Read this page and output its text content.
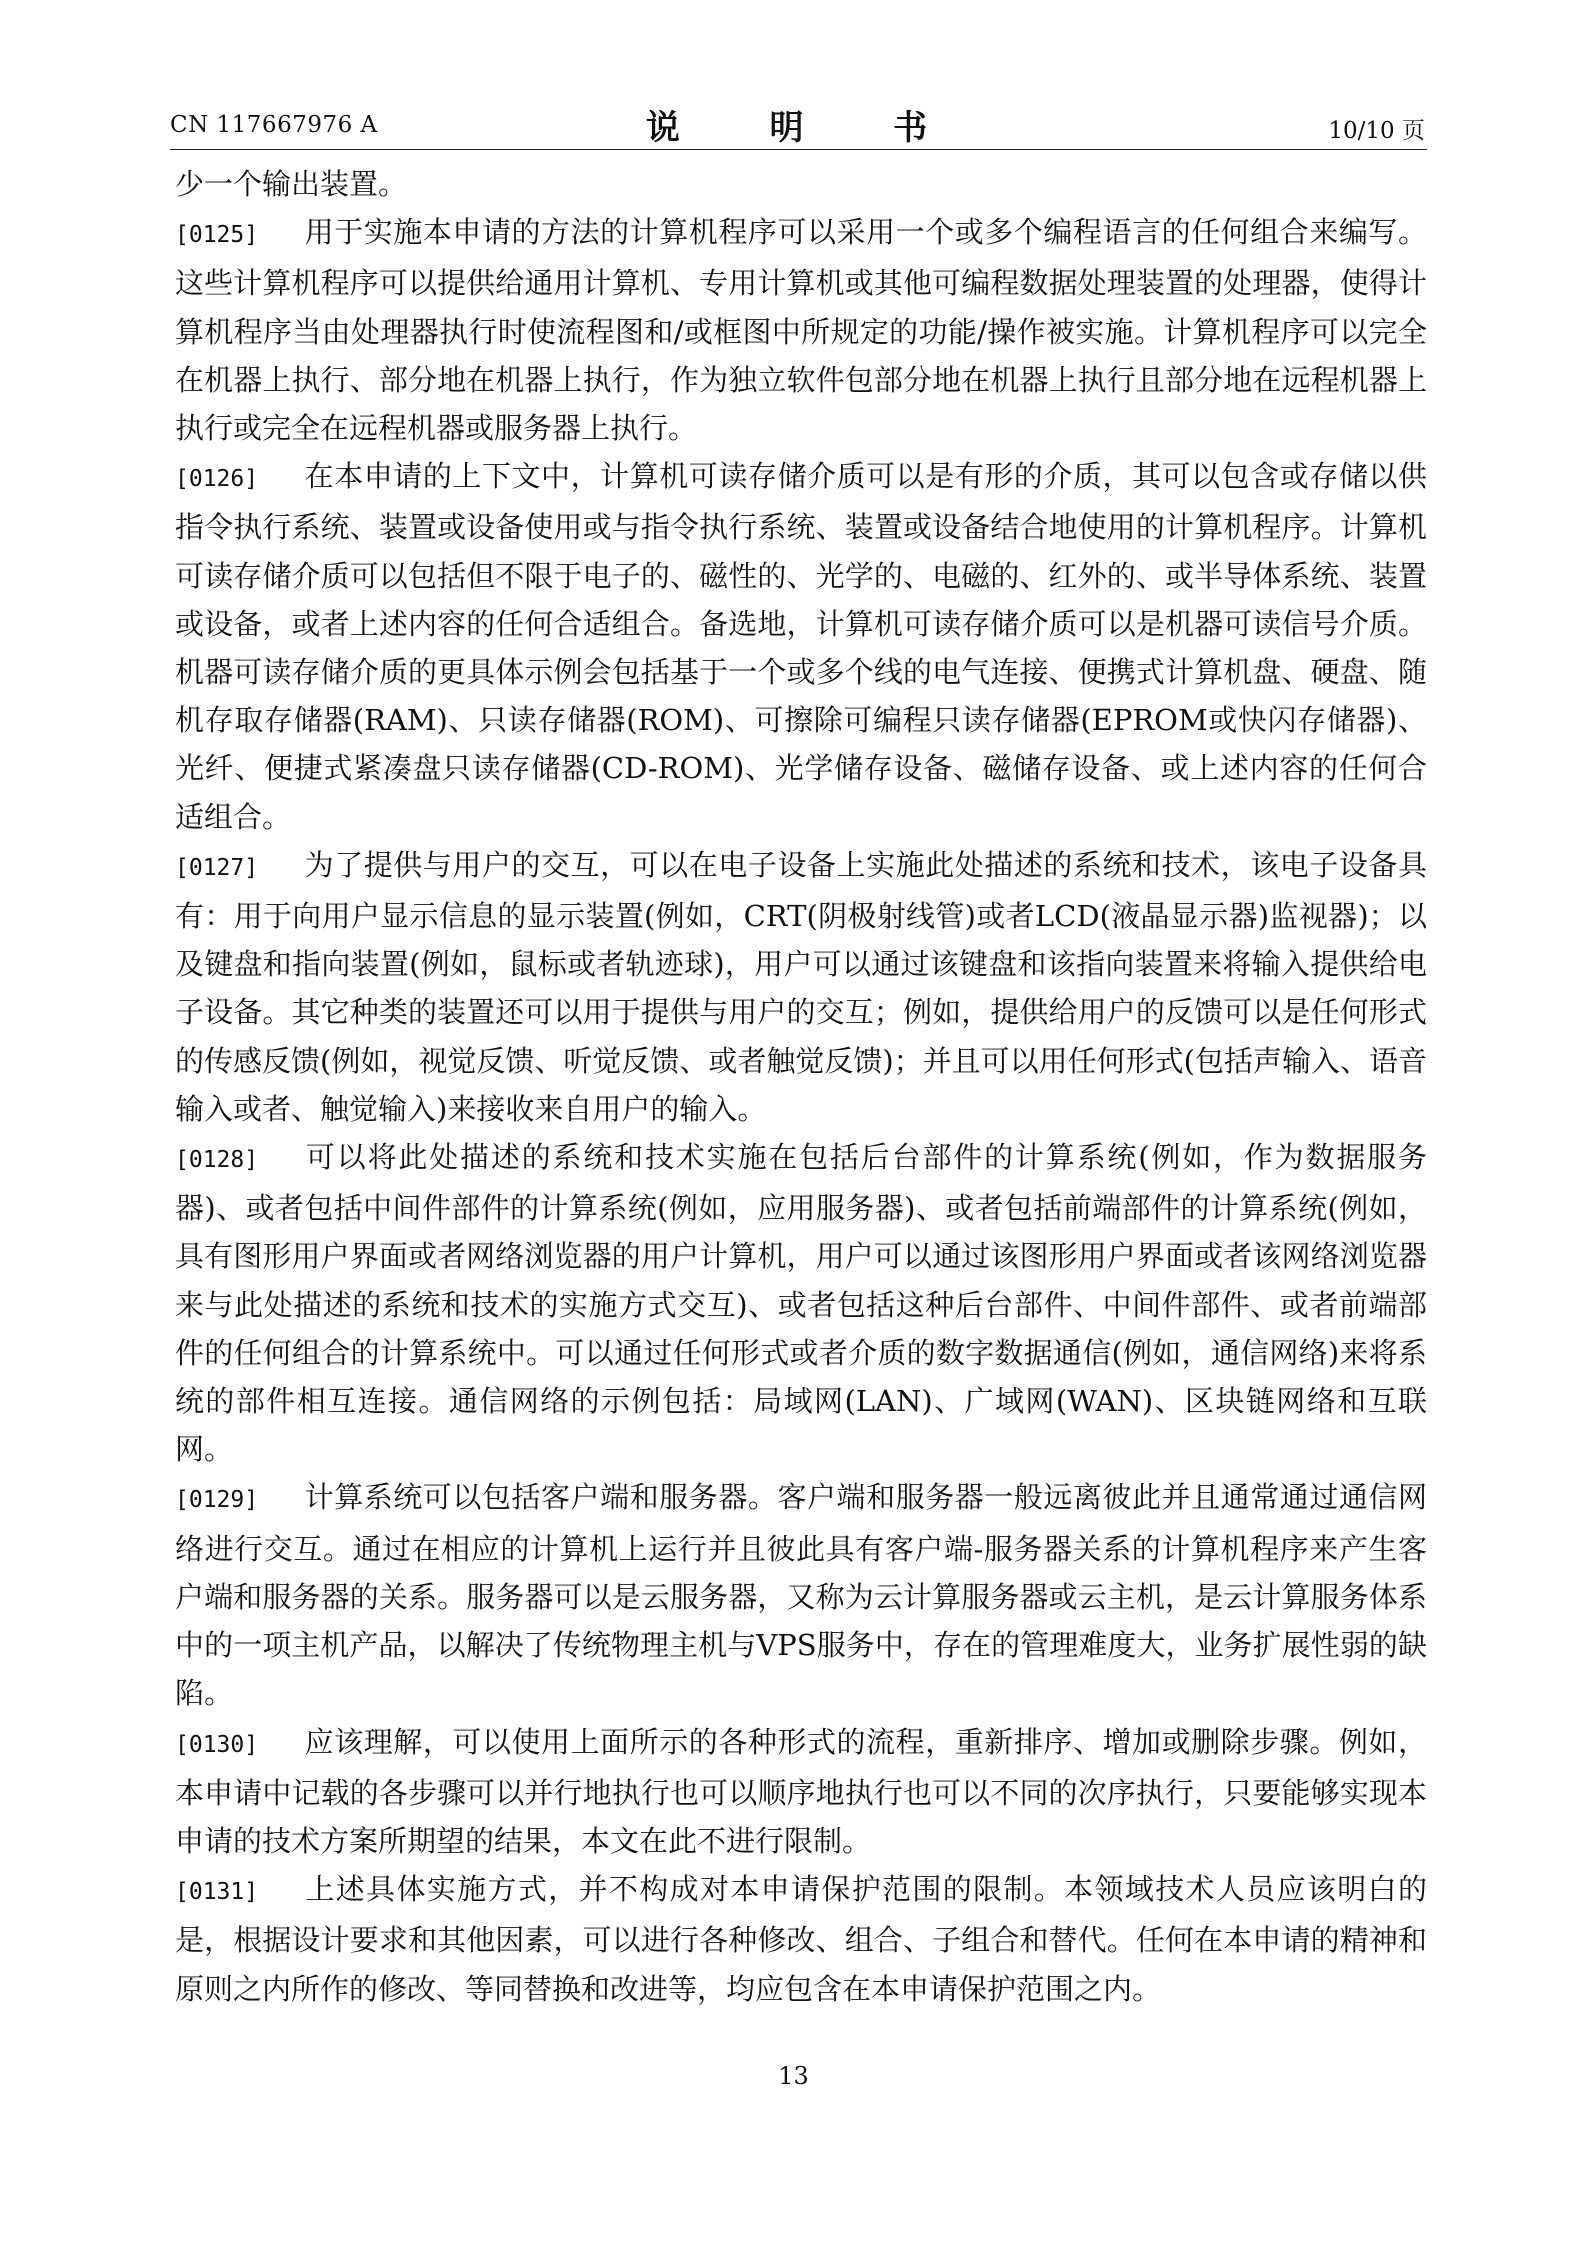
CN 117667976 A	说  明  书	10/10 页

少一个输出装置。

[0125] 用于实施本申请的方法的计算机程序可以采用一个或多个编程语言的任何组合来编写。这些计算机程序可以提供给通用计算机、专用计算机或其他可编程数据处理装置的处理器，使得计算机程序当由处理器执行时使流程图和/或框图中所规定的功能/操作被实施。计算机程序可以完全在机器上执行、部分地在机器上执行，作为独立软件包部分地在机器上执行且部分地在远程机器上执行或完全在远程机器或服务器上执行。

[0126] 在本申请的上下文中，计算机可读存储介质可以是有形的介质，其可以包含或存储以供指令执行系统、装置或设备使用或与指令执行系统、装置或设备结合地使用的计算机程序。计算机可读存储介质可以包括但不限于电子的、磁性的、光学的、电磁的、红外的、或半导体系统、装置或设备，或者上述内容的任何合适组合。备选地，计算机可读存储介质可以是机器可读信号介质。机器可读存储介质的更具体示例会包括基于一个或多个线的电气连接、便携式计算机盘、硬盘、随机存取存储器(RAM)、只读存储器(ROM)、可擦除可编程只读存储器(EPROM或快闪存储器)、光纤、便捷式紧凑盘只读存储器(CD-ROM)、光学储存设备、磁储存设备、或上述内容的任何合适组合。

[0127] 为了提供与用户的交互，可以在电子设备上实施此处描述的系统和技术，该电子设备具有：用于向用户显示信息的显示装置(例如，CRT(阴极射线管)或者LCD(液晶显示器)监视器)；以及键盘和指向装置(例如，鼠标或者轨迹球)，用户可以通过该键盘和该指向装置来将输入提供给电子设备。其它种类的装置还可以用于提供与用户的交互；例如，提供给用户的反馈可以是任何形式的传感反馈(例如，视觉反馈、听觉反馈、或者触觉反馈)；并且可以用任何形式(包括声输入、语音输入或者、触觉输入)来接收来自用户的输入。

[0128] 可以将此处描述的系统和技术实施在包括后台部件的计算系统(例如，作为数据服务器)、或者包括中间件部件的计算系统(例如，应用服务器)、或者包括前端部件的计算系统(例如，具有图形用户界面或者网络浏览器的用户计算机，用户可以通过该图形用户界面或者该网络浏览器来与此处描述的系统和技术的实施方式交互)、或者包括这种后台部件、中间件部件、或者前端部件的任何组合的计算系统中。可以通过任何形式或者介质的数字数据通信(例如，通信网络)来将系统的部件相互连接。通信网络的示例包括：局域网(LAN)、广域网(WAN)、区块链网络和互联网。

[0129] 计算系统可以包括客户端和服务器。客户端和服务器一般远离彼此并且通常通过通信网络进行交互。通过在相应的计算机上运行并且彼此具有客户端-服务器关系的计算机程序来产生客户端和服务器的关系。服务器可以是云服务器，又称为云计算服务器或云主机，是云计算服务体系中的一项主机产品，以解决了传统物理主机与VPS服务中，存在的管理难度大，业务扩展性弱的缺陷。

[0130] 应该理解，可以使用上面所示的各种形式的流程，重新排序、增加或删除步骤。例如，本申请中记载的各步骤可以并行地执行也可以顺序地执行也可以不同的次序执行，只要能够实现本申请的技术方案所期望的结果，本文在此不进行限制。

[0131] 上述具体实施方式，并不构成对本申请保护范围的限制。本领域技术人员应该明白的是，根据设计要求和其他因素，可以进行各种修改、组合、子组合和替代。任何在本申请的精神和原则之内所作的修改、等同替换和改进等，均应包含在本申请保护范围之内。

13
